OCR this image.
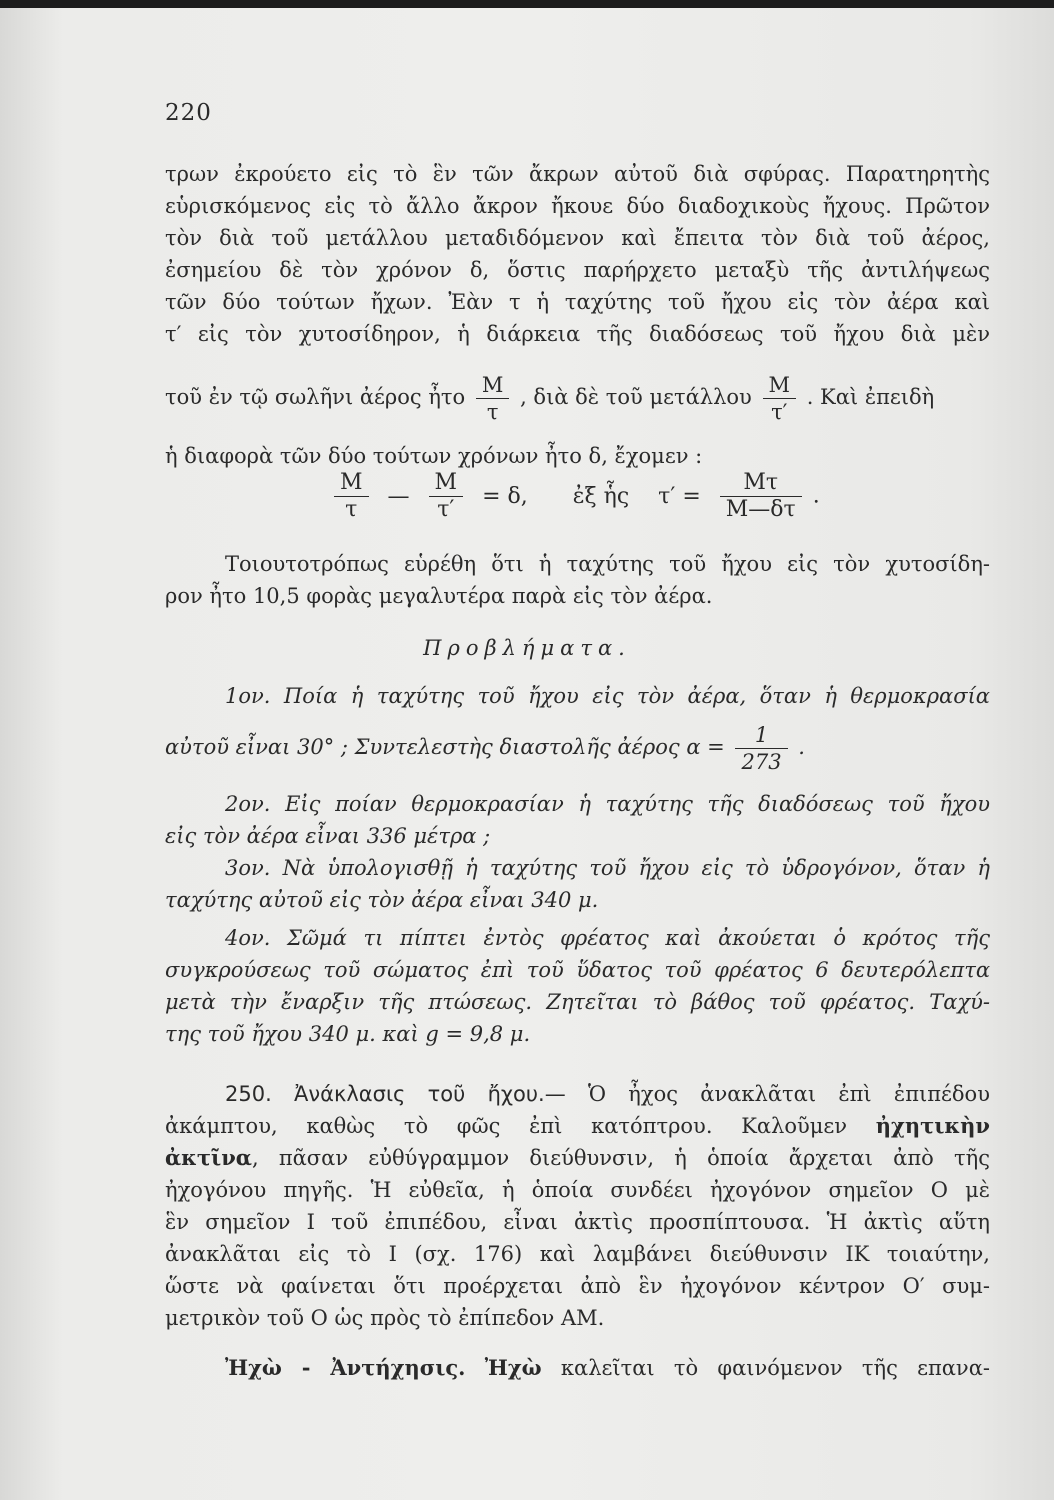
220
τρων ἐκρούετο εἰς τὸ ἓν τῶν ἄκρων αὐτοῦ διὰ σφύρας. Παρατηρητὴς
εὑρισκόμενος εἰς τὸ ἄλλο ἄκρον ἤκουε δύο διαδοχικοὺς ἤχους. Πρῶτον
τὸν διὰ τοῦ μετάλλου μεταδιδόμενον καὶ ἔπειτα τὸν διὰ τοῦ ἀέρος,
ἐσημείου δὲ τὸν χρόνον δ, ὅστις παρήρχετο μεταξὺ τῆς ἀντιλήψεως
τῶν δύο τούτων ἤχων. Ἐὰν τ ἡ ταχύτης τοῦ ἤχου εἰς τὸν ἀέρα καὶ
τ′ εἰς τὸν χυτοσίδηρον, ἡ διάρκεια τῆς διαδόσεως τοῦ ἤχου διὰ μὲν
τοῦ ἐν τῷ σωλῆνι ἀέρος ἦτο $\frac{M}{\tau}$ , διὰ δὲ τοῦ μετάλλου $\frac{M}{\tau'}$ . Καὶ ἐπειδὴ
ἡ διαφορὰ τῶν δύο τούτων χρόνων ἦτο δ, ἔχομεν :
$\frac{M}{\tau}$ — $\frac{M}{\tau'} = \delta$, ἐξ ἧς $\tau' = \frac{M\tau}{M—\delta\tau}$ .
Τοιουτοτρόπως εὑρέθη ὅτι ἡ ταχύτης τοῦ ἤχου εἰς τὸν χυτοσίδη-
ρον ἦτο 10,5 φορὰς μεγαλυτέρα παρὰ εἰς τὸν ἀέρα.
Προβλήματα.
1ον. Ποία ἡ ταχύτης τοῦ ἤχου εἰς τὸν ἀέρα, ὅταν ἡ θερμοκρασία
αὐτοῦ εἶναι 30° ; Συντελεστὴς διαστολῆς ἀέρος $\alpha = \frac{1}{273}$ .
2ον. Εἰς ποίαν θερμοκρασίαν ἡ ταχύτης τῆς διαδόσεως τοῦ ἤχου
εἰς τὸν ἀέρα εἶναι 336 μέτρα ;
3ον. Νὰ ὑπολογισθῇ ἡ ταχύτης τοῦ ἤχου εἰς τὸ ὑδρογόνον, ὅταν ἡ
ταχύτης αὐτοῦ εἰς τὸν ἀέρα εἶναι 340 μ.
4ον. Σῶμά τι πίπτει ἐντὸς φρέατος καὶ ἀκούεται ὁ κρότος τῆς
συγκρούσεως τοῦ σώματος ἐπὶ τοῦ ὕδατος τοῦ φρέατος 6 δευτερόλεπτα
μετὰ τὴν ἔναρξιν τῆς πτώσεως. Ζητεῖται τὸ βάθος τοῦ φρέατος. Ταχύ-
της τοῦ ἤχου 340 μ. καὶ g = 9,8 μ.
250. Ἀνάκλασις τοῦ ἤχου.— Ὁ ἦχος ἀνακλᾶται ἐπὶ ἐπιπέδου
ἀκάμπτου, καθὼς τὸ φῶς ἐπὶ κατόπτρου. Καλοῦμεν ἠχητικὴν
ἀκτῖνα, πᾶσαν εὐθύγραμμον διεύθυνσιν, ἡ ὁποία ἄρχεται ἀπὸ τῆς
ἠχογόνου πηγῆς. Ἡ εὐθεῖα, ἡ ὁποία συνδέει ἠχογόνον σημεῖον O μὲ
ἓν σημεῖον I τοῦ ἐπιπέδου, εἶναι ἀκτὶς προσπίπτουσα. Ἡ ἀκτὶς αὕτη
ἀνακλᾶται εἰς τὸ I (σχ. 176) καὶ λαμβάνει διεύθυνσιν IK τοιαύτην,
ὥστε νὰ φαίνεται ὅτι προέρχεται ἀπὸ ἓν ἠχογόνον κέντρον O′ συμ-
μετρικὸν τοῦ O ὡς πρὸς τὸ ἐπίπεδον AM.
Ἠχὼ - Ἀντήχησις. Ἠχὼ καλεῖται τὸ φαινόμενον τῆς επανα-
